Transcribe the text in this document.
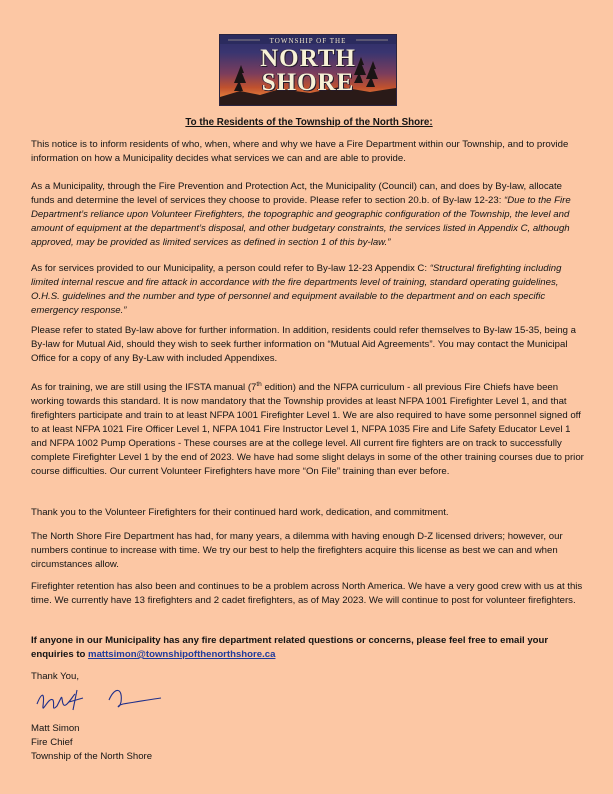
TOWNSHIP OF THE
NORTH
SHORE
To the Residents of the Township of the North Shore:

This notice is to inform residents of who, when, where and why we have a Fire Department within our Township, and to provide information on how a Municipality decides what services we can and are able to provide.

As a Municipality, through the Fire Prevention and Protection Act, the Municipality (Council) can, and does by By-law, allocate funds and determine the level of services they choose to provide. Please refer to section 20.b. of By-law 12-23: “Due to the Fire Department’s reliance upon Volunteer Firefighters, the topographic and geographic configuration of the Township, the level and amount of equipment at the department’s disposal, and other budgetary constraints, the services listed in Appendix C, although approved, may be provided as limited services as defined in section 1 of this by-law.”
As for services provided to our Municipality, a person could refer to By-law 12-23 Appendix C: “Structural firefighting including limited internal rescue and fire attack in accordance with the fire departments level of training, standard operating guidelines, O.H.S. guidelines and the number and type of personnel and equipment available to the department and on each specific emergency response.”

Please refer to stated By-law above for further information. In addition, residents could refer themselves to By-law 15-35, being a By-law for Mutual Aid, should they wish to seek further information on “Mutual Aid Agreements”. You may contact the Municipal Office for a copy of any By-Law with included Appendixes.

As for training, we are still using the IFSTA manual (7th edition) and the NFPA curriculum - all previous Fire Chiefs have been working towards this standard. It is now mandatory that the Township provides at least NFPA 1001 Firefighter Level 1, and that firefighters participate and train to at least NFPA 1001 Firefighter Level 1. We are also required to have some personnel signed off to at least NFPA 1021 Fire Officer Level 1, NFPA 1041 Fire Instructor Level 1, NFPA 1035 Fire and Life Safety Educator Level 1 and NFPA 1002 Pump Operations - These courses are at the college level. All current fire fighters are on track to successfully complete Firefighter Level 1 by the end of 2023. We have had some slight delays in some of the other training courses due to prior course difficulties. Our current Volunteer Firefighters have more “On File” training than ever before.

Thank you to the Volunteer Firefighters for their continued hard work, dedication, and commitment.

The North Shore Fire Department has had, for many years, a dilemma with having enough D-Z licensed drivers; however, our numbers continue to increase with time. We try our best to help the firefighters acquire this license as best we can and when circumstances allow.

Firefighter retention has also been and continues to be a problem across North America. We have a very good crew with us at this time. We currently have 13 firefighters and 2 cadet firefighters, as of May 2023. We will continue to post for volunteer firefighters.

If anyone in our Municipality has any fire department related questions or concerns, please feel free to email your enquiries to mattsimon@townshipofthenorthshore.ca
Thank You,
Matt Simon
Fire Chief
Township of the North Shore
